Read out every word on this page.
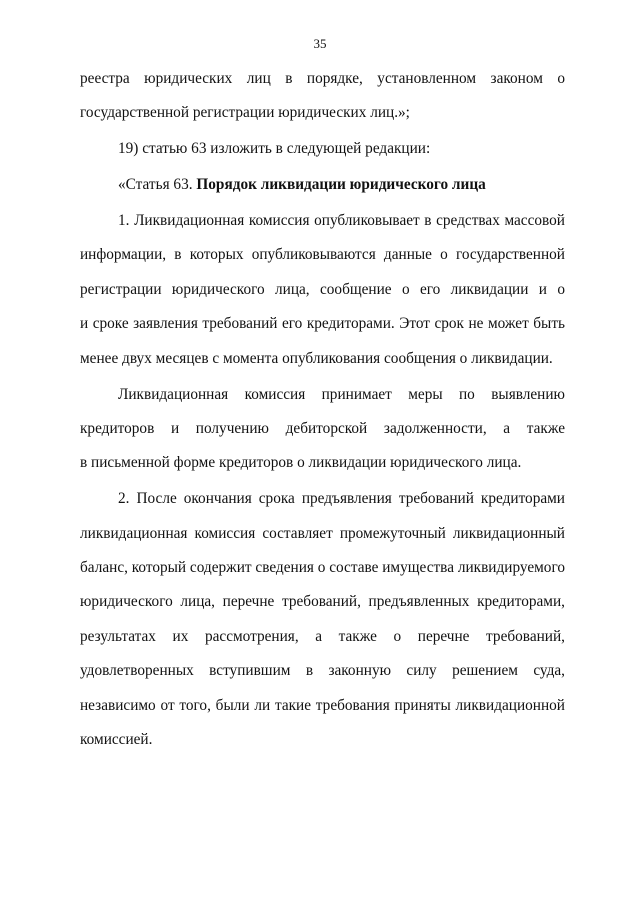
35
реестра юридических лиц в порядке, установленном законом о
государственной регистрации юридических лиц.»;
19) статью 63 изложить в следующей редакции:
«Статья 63. Порядок ликвидации юридического лица
1. Ликвидационная комиссия опубликовывает в средствах массовой
информации, в которых опубликовываются данные о государственной
регистрации юридического лица, сообщение о его ликвидации и о
и сроке заявления требований его кредиторами. Этот срок не может быть
менее двух месяцев с момента опубликования сообщения о ликвидации.
Ликвидационная комиссия принимает меры по выявлению
кредиторов и получению дебиторской задолженности, а также
в письменной форме кредиторов о ликвидации юридического лица.
2. После окончания срока предъявления требований кредиторами
ликвидационная комиссия составляет промежуточный ликвидационный
баланс, который содержит сведения о составе имущества ликвидируемого
юридического лица, перечне требований, предъявленных кредиторами,
результатах их рассмотрения, а также о перечне требований,
удовлетворенных вступившим в законную силу решением суда,
независимо от того, были ли такие требования приняты ликвидационной
комиссией.
